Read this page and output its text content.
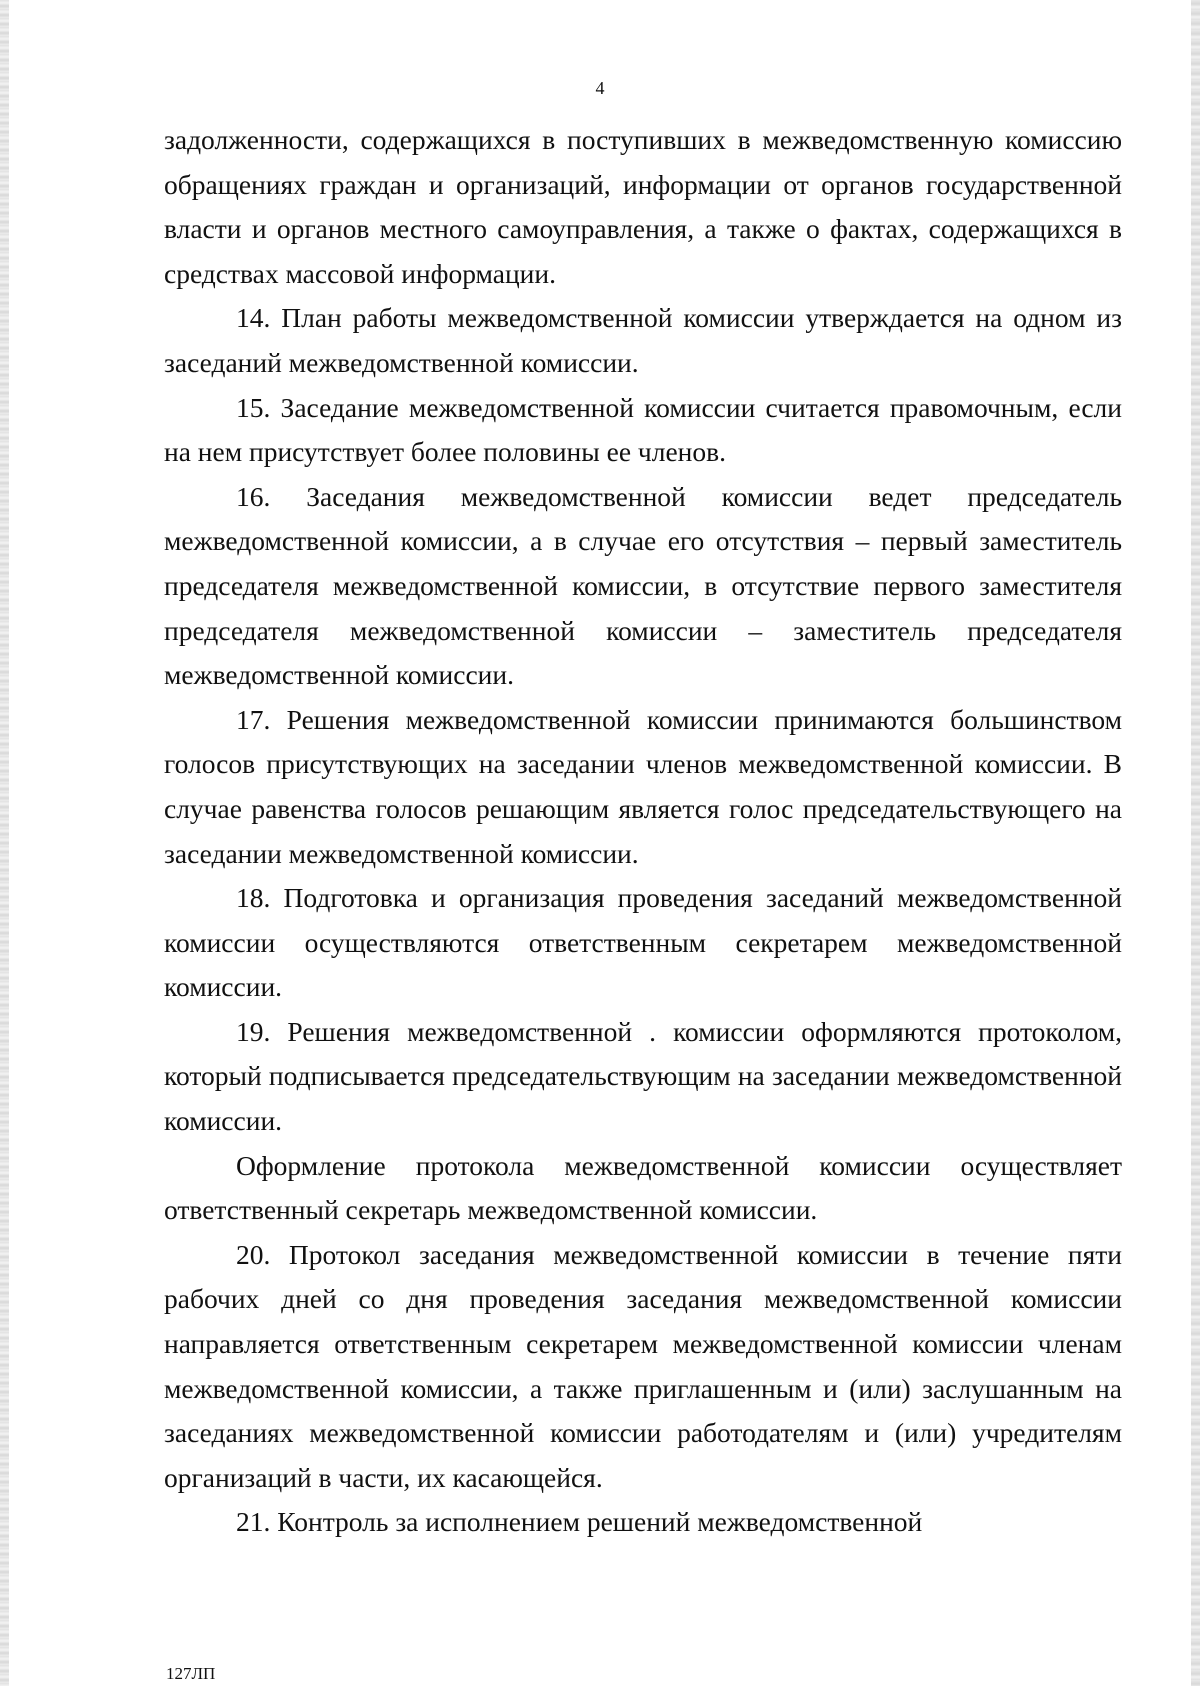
4

задолженности, содержащихся в поступивших в межведомственную комиссию обращениях граждан и организаций, информации от органов государственной власти и органов местного самоуправления, а также о фактах, содержащихся в средствах массовой информации.

14. План работы межведомственной комиссии утверждается на одном из заседаний межведомственной комиссии.

15. Заседание межведомственной комиссии считается правомочным, если на нем присутствует более половины ее членов.

16. Заседания межведомственной комиссии ведет председатель межведомственной комиссии, а в случае его отсутствия – первый заместитель председателя межведомственной комиссии, в отсутствие первого заместителя председателя межведомственной комиссии – заместитель председателя межведомственной комиссии.

17. Решения межведомственной комиссии принимаются большинством голосов присутствующих на заседании членов межведомственной комиссии. В случае равенства голосов решающим является голос председательствующего на заседании межведомственной комиссии.

18. Подготовка и организация проведения заседаний межведомственной комиссии осуществляются ответственным секретарем межведомственной комиссии.

19. Решения межведомственной . комиссии оформляются протоколом, который подписывается председательствующим на заседании межведомственной комиссии.

Оформление протокола межведомственной комиссии осуществляет ответственный секретарь межведомственной комиссии.

20. Протокол заседания межведомственной комиссии в течение пяти рабочих дней со дня проведения заседания межведомственной комиссии направляется ответственным секретарем межведомственной комиссии членам межведомственной комиссии, а также приглашенным и (или) заслушанным на заседаниях межведомственной комиссии работодателям и (или) учредителям организаций в части, их касающейся.

21. Контроль за исполнением решений межведомственной

127ЛП
